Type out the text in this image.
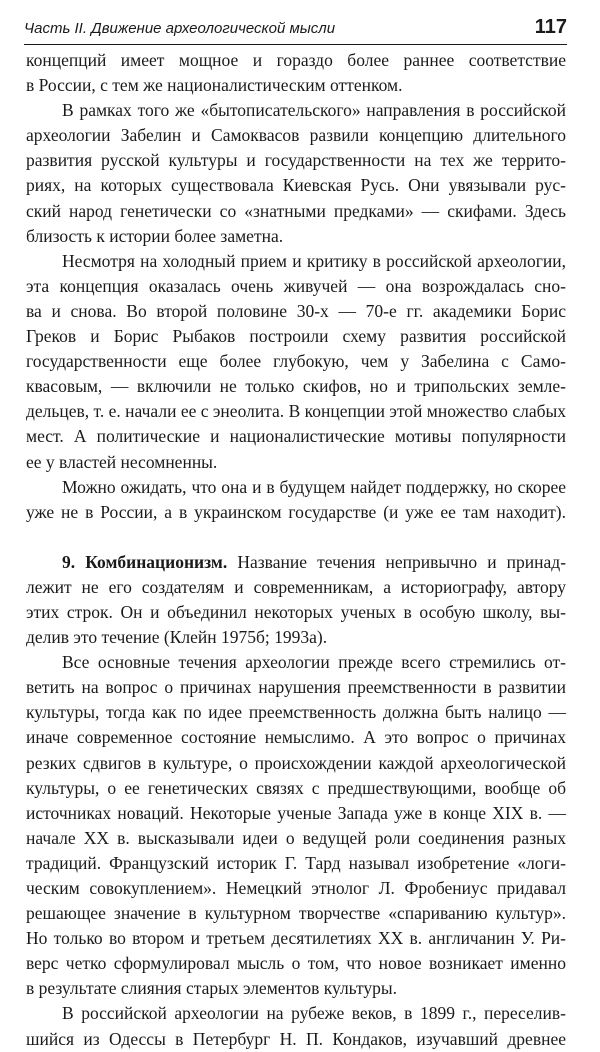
Часть II. Движение археологической мысли	117
концепций имеет мощное и гораздо более раннее соответствие
в России, с тем же националистическим оттенком.
В рамках того же «бытописательского» направления в российской
археологии Забелин и Самоквасов развили концепцию длительного
развития русской культуры и государственности на тех же террито-
риях, на которых существовала Киевская Русь. Они увязывали рус-
ский народ генетически со «знатными предками» — скифами. Здесь
близость к истории более заметна.
Несмотря на холодный прием и критику в российской археологии,
эта концепция оказалась очень живучей — она возрождалась сно-
ва и снова. Во второй половине 30-х — 70-е гг. академики Борис
Греков и Борис Рыбаков построили схему развития российской
государственности еще более глубокую, чем у Забелина с Само-
квасовым, — включили не только скифов, но и трипольских земле-
дельцев, т. е. начали ее с энеолита. В концепции этой множество слабых
мест. А политические и националистические мотивы популярности
ее у властей несомненны.
Можно ожидать, что она и в будущем найдет поддержку, но скорее
уже не в России, а в украинском государстве (и уже ее там находит).
9. Комбинационизм. Название течения непривычно и принад-
лежит не его создателям и современникам, а историографу, автору
этих строк. Он и объединил некоторых ученых в особую школу, вы-
делив это течение (Клейн 1975б; 1993а).
Все основные течения археологии прежде всего стремились от-
ветить на вопрос о причинах нарушения преемственности в развитии
культуры, тогда как по идее преемственность должна быть налицо —
иначе современное состояние немыслимо. А это вопрос о причинах
резких сдвигов в культуре, о происхождении каждой археологической
культуры, о ее генетических связях с предшествующими, вообще об
источниках новаций. Некоторые ученые Запада уже в конце XIX в. —
начале XX в. высказывали идеи о ведущей роли соединения разных
традиций. Французский историк Г. Тард называл изобретение «логи-
ческим совокуплением». Немецкий этнолог Л. Фробениус придавал
решающее значение в культурном творчестве «спариванию культур».
Но только во втором и третьем десятилетиях XX в. англичанин У. Ри-
верс четко сформулировал мысль о том, что новое возникает именно
в результате слияния старых элементов культуры.
В российской археологии на рубеже веков, в 1899 г., переселив-
шийся из Одессы в Петербург Н. П. Кондаков, изучавший древнее
